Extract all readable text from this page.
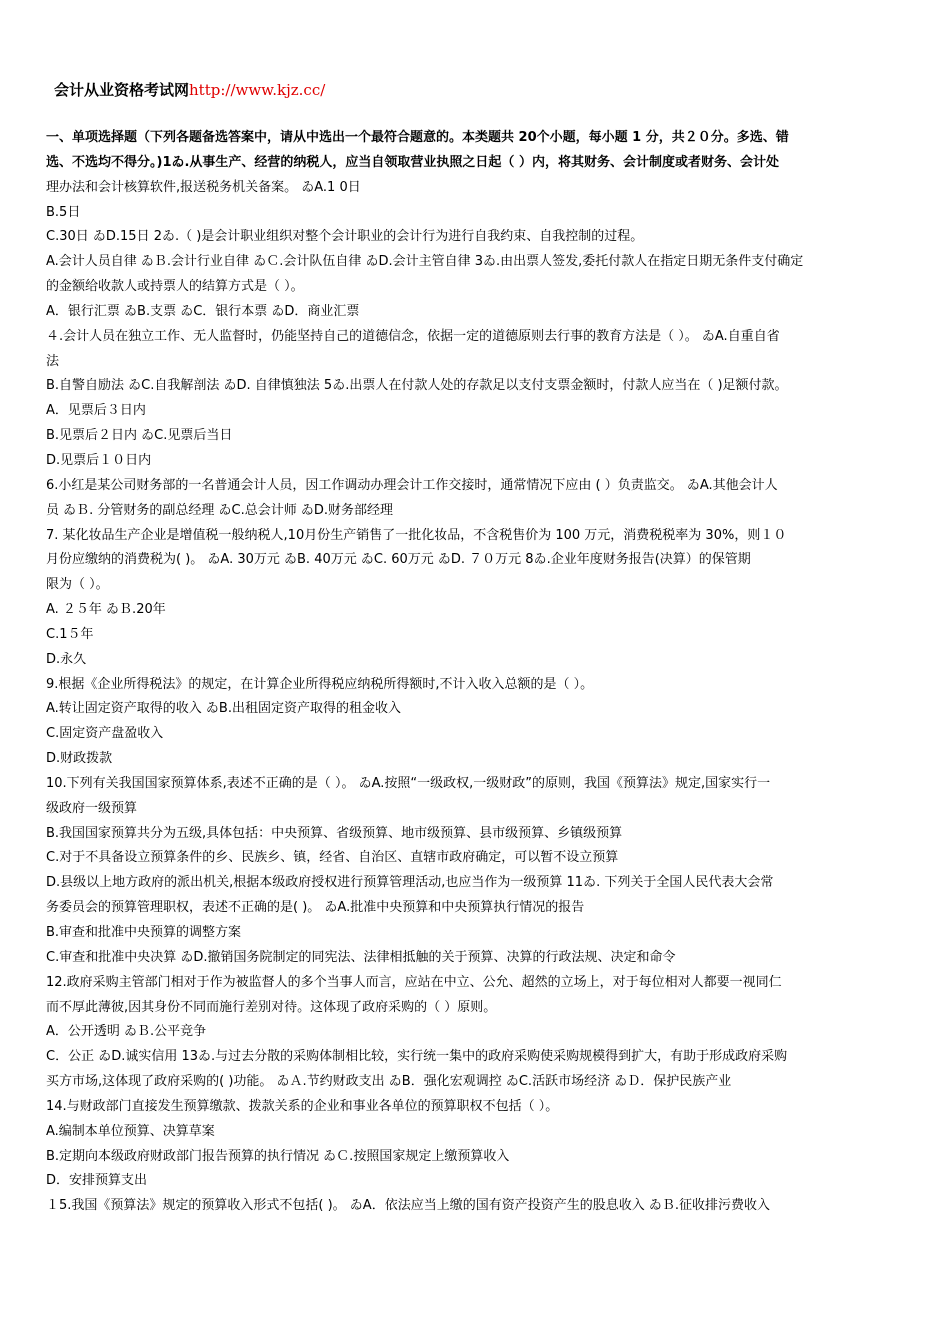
会计从业资格考试网http://www.kjz.cc/
一、单项选择题（下列各题备选答案中，请从中选出一个最符合题意的。本类题共 20个小题，每小题 1 分，共２０分。多选、错
选、不选均不得分。)1ゐ.从事生产、经营的纳税人，应当自领取营业执照之日起（ ）内，将其财务、会计制度或者财务、会计处
理办法和会计核算软件,报送税务机关备案。 ゐA.1 0日
B.5日
C.30日 ゐD.15日 2ゐ.（ )是会计职业组织对整个会计职业的会计行为进行自我约束、自我控制的过程。
A.会计人员自律 ゐＢ.会计行业自律 ゐＣ.会计队伍自律 ゐD.会计主管自律 3ゐ.由出票人签发,委托付款人在指定日期无条件支付确定
的金额给收款人或持票人的结算方式是（ ）。
A．银行汇票 ゐB.支票 ゐC．银行本票 ゐD．商业汇票
４.会计人员在独立工作、无人监督时，仍能坚持自己的道德信念，依据一定的道德原则去行事的教育方法是（ ）。 ゐA.自重自省
法
B.自警自励法 ゐC.自我解剖法 ゐD. 自律慎独法 5ゐ.出票人在付款人处的存款足以支付支票金额时，付款人应当在（ )足额付款。
A．见票后３日内
B.见票后２日内 ゐC.见票后当日
D.见票后１０日内
6.小红是某公司财务部的一名普通会计人员，因工作调动办理会计工作交接时，通常情况下应由 ( ）负责监交。 ゐA.其他会计人
员 ゐＢ. 分管财务的副总经理 ゐC.总会计师 ゐD.财务部经理
7. 某化妆品生产企业是增值税一般纳税人,10月份生产销售了一批化妆品，不含税售价为 100 万元，消费税税率为 30%，则１０
月份应缴纳的消费税为( )。 ゐA. 30万元 ゐB. 40万元 ゐC. 60万元 ゐD. ７０万元 8ゐ.企业年度财务报告(决算）的保管期
限为（ ）。
A. ２５年 ゐＢ.20年
C.1５年
D.永久
9.根据《企业所得税法》的规定，在计算企业所得税应纳税所得额时,不计入收入总额的是（ ）。
A.转让固定资产取得的收入 ゐB.出租固定资产取得的租金收入
C.固定资产盘盈收入
D.财政拨款
10.下列有关我国国家预算体系,表述不正确的是（ ）。 ゐA.按照“一级政权,一级财政”的原则，我国《预算法》规定,国家实行一
级政府一级预算
B.我国国家预算共分为五级,具体包括：中央预算、省级预算、地市级预算、县市级预算、乡镇级预算
C.对于不具备设立预算条件的乡、民族乡、镇，经省、自治区、直辖市政府确定，可以暂不设立预算
D.县级以上地方政府的派出机关,根据本级政府授权进行预算管理活动,也应当作为一级预算 11ゐ. 下列关于全国人民代表大会常
务委员会的预算管理职权，表述不正确的是( )。 ゐA.批准中央预算和中央预算执行情况的报告
B.审查和批准中央预算的调整方案
C.审查和批准中央决算 ゐD.撤销国务院制定的同宪法、法律相抵触的关于预算、决算的行政法规、决定和命令
12.政府采购主管部门相对于作为被监督人的多个当事人而言，应站在中立、公允、超然的立场上，对于每位相对人都要一视同仁
而不厚此薄彼,因其身份不同而施行差别对待。这体现了政府采购的（ ）原则。
A．公开透明 ゐＢ.公平竞争
C．公正 ゐD.诚实信用 13ゐ.与过去分散的采购体制相比较，实行统一集中的政府采购使采购规模得到扩大，有助于形成政府采购
买方市场,这体现了政府采购的( )功能。 ゐＡ.节约财政支出 ゐB．强化宏观调控 ゐC.活跃市场经济 ゐＤ．保护民族产业
14.与财政部门直接发生预算缴款、拨款关系的企业和事业各单位的预算职权不包括（ ）。
A.编制本单位预算、决算草案
B.定期向本级政府财政部门报告预算的执行情况 ゐＣ.按照国家规定上缴预算收入
D．安排预算支出
１5.我国《预算法》规定的预算收入形式不包括( )。 ゐA．依法应当上缴的国有资产投资产生的股息收入 ゐＢ.征收排污费收入
